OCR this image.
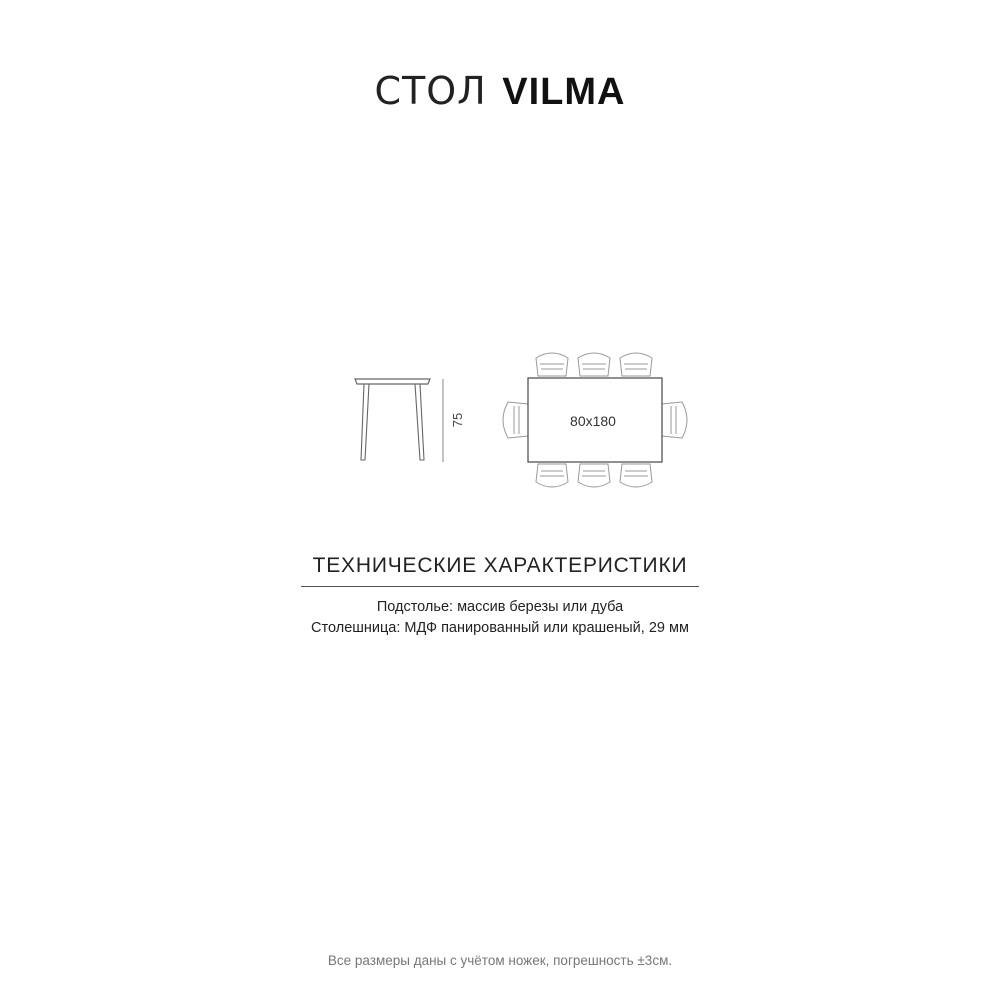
СТОЛ VILMA
75	80x180
ТЕХНИЧЕСКИЕ ХАРАКТЕРИСТИКИ
Подстолье: массив березы или дуба
Столешница: МДФ панированный или крашеный, 29 мм
Все размеры даны с учётом ножек, погрешность ±3см.
